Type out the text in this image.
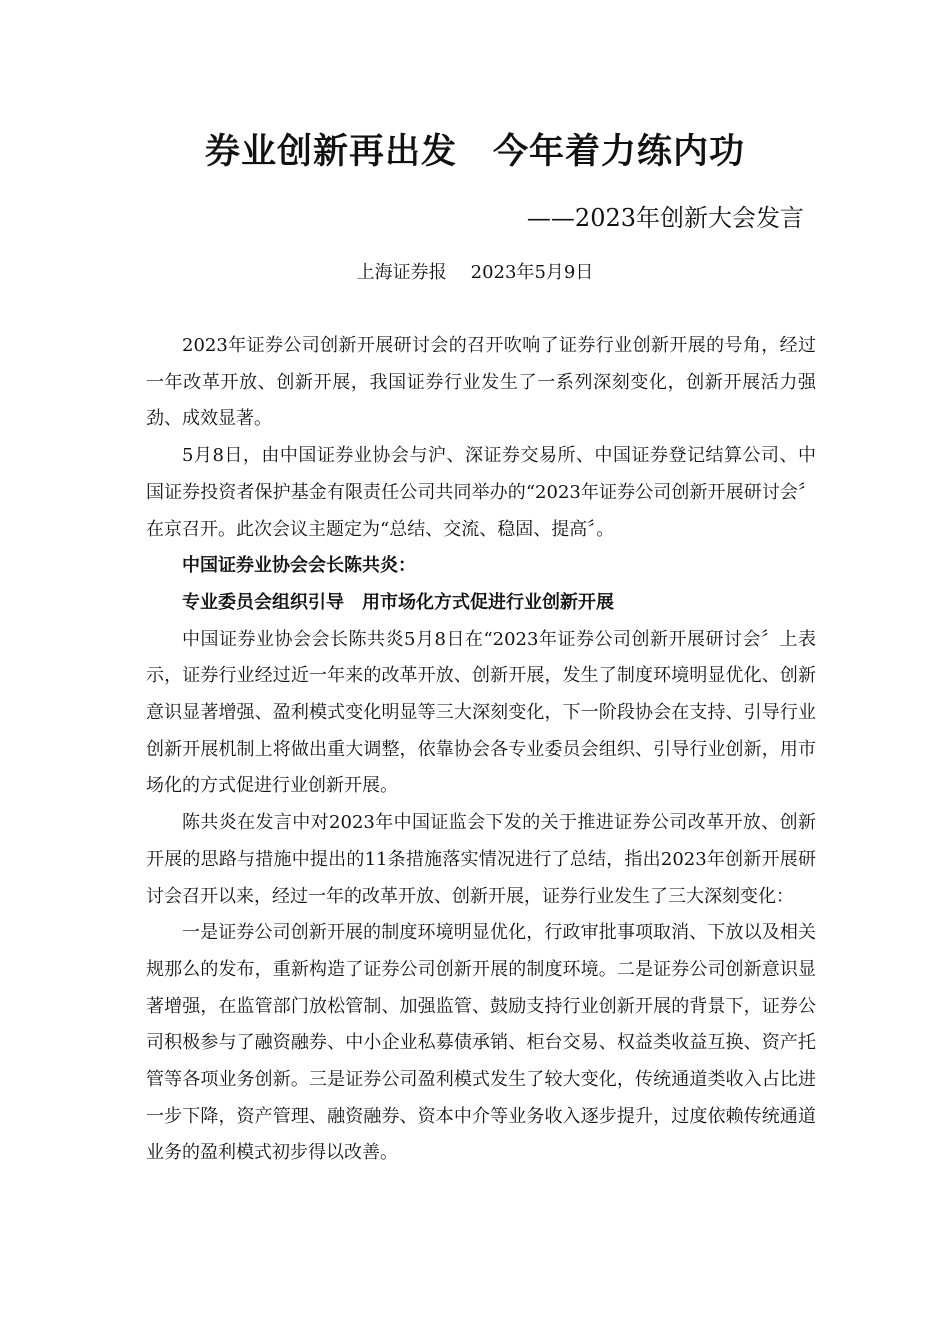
券业创新再出发　今年着力练内功

——2023年创新大会发言

上海证券报 2023年5月9日

2023年证券公司创新开展研讨会的召开吹响了证券行业创新开展的号角，经过一年改革开放、创新开展，我国证券行业发生了一系列深刻变化，创新开展活力强劲、成效显著。

5月8日，由中国证券业协会与沪、深证券交易所、中国证券登记结算公司、中国证券投资者保护基金有限责任公司共同举办的“2023年证券公司创新开展研讨会〞在京召开。此次会议主题定为“总结、交流、稳固、提高〞。

中国证券业协会会长陈共炎：

专业委员会组织引导　用市场化方式促进行业创新开展

中国证券业协会会长陈共炎5月8日在“2023年证券公司创新开展研讨会〞上表示，证券行业经过近一年来的改革开放、创新开展，发生了制度环境明显优化、创新意识显著增强、盈利模式变化明显等三大深刻变化，下一阶段协会在支持、引导行业创新开展机制上将做出重大调整，依靠协会各专业委员会组织、引导行业创新，用市场化的方式促进行业创新开展。

陈共炎在发言中对2023年中国证监会下发的关于推进证券公司改革开放、创新开展的思路与措施中提出的11条措施落实情况进行了总结，指出2023年创新开展研讨会召开以来，经过一年的改革开放、创新开展，证券行业发生了三大深刻变化：

一是证券公司创新开展的制度环境明显优化，行政审批事项取消、下放以及相关规那么的发布，重新构造了证券公司创新开展的制度环境。二是证券公司创新意识显著增强，在监管部门放松管制、加强监管、鼓励支持行业创新开展的背景下，证券公司积极参与了融资融券、中小企业私募债承销、柜台交易、权益类收益互换、资产托管等各项业务创新。三是证券公司盈利模式发生了较大变化，传统通道类收入占比进一步下降，资产管理、融资融券、资本中介等业务收入逐步提升，过度依赖传统通道业务的盈利模式初步得以改善。
